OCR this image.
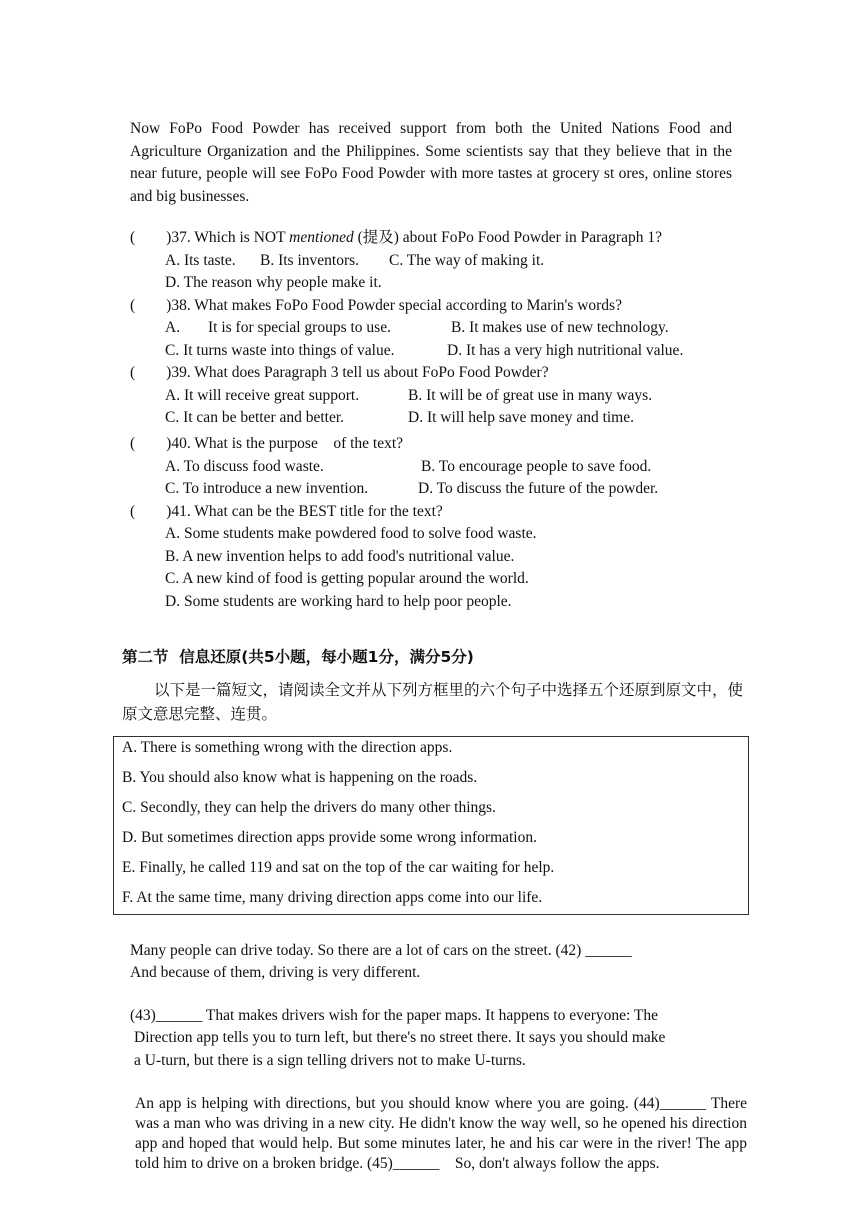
Now FoPo Food Powder has received support from both the United Nations Food and Agriculture Organization and the Philippines. Some scientists say that they believe that in the near future, people will see FoPo Food Powder with more tastes at grocery st ores, online stores and big businesses.
(        )37. Which is NOT mentioned (提及) about FoPo Food Powder in Paragraph 1?
A. Its taste. B. Its inventors. C. The way of making it.
D. The reason why people make it.
(        )38. What makes FoPo Food Powder special according to Marin's words?
A. It is for special groups to use.	B. It makes use of new technology.
C. It turns waste into things of value.	D. It has a very high nutritional value.
(        )39. What does Paragraph 3 tell us about FoPo Food Powder?
A. It will receive great support.	B. It will be of great use in many ways.
C. It can be better and better.	D. It will help save money and time.
(        )40. What is the purpose    of the text?
A. To discuss food waste.	B. To encourage people to save food.
C. To introduce a new invention.	D. To discuss the future of the powder.
(        )41. What can be the BEST title for the text?
A. Some students make powdered food to solve food waste.
B. A new invention helps to add food's nutritional value.
C. A new kind of food is getting popular around the world.
D. Some students are working hard to help poor people.
第二节  信息还原(共5小题，每小题1分，满分5分)
以下是一篇短文，请阅读全文并从下列方框里的六个句子中选择五个还原到原文中，使原文意思完整、连贯。
A. There is something wrong with the direction apps.
B. You should also know what is happening on the roads.
C. Secondly, they can help the drivers do many other things.
D. But sometimes direction apps provide some wrong information.
E. Finally, he called 119 and sat on the top of the car waiting for help.
F. At the same time, many driving direction apps come into our life.
Many people can drive today. So there are a lot of cars on the street. (42) ______
And because of them, driving is very different.
(43)______ That makes drivers wish for the paper maps. It happens to everyone: The
Direction app tells you to turn left, but there's no street there. It says you should make
a U-turn, but there is a sign telling drivers not to make U-turns.
An app is helping with directions, but you should know where you are going. (44)______ There was a man who was driving in a new city. He didn't know the way well, so he opened his direction app and hoped that would help. But some minutes later, he and his car were in the river! The app told him to drive on a broken bridge. (45)______    So, don't always follow the apps.
